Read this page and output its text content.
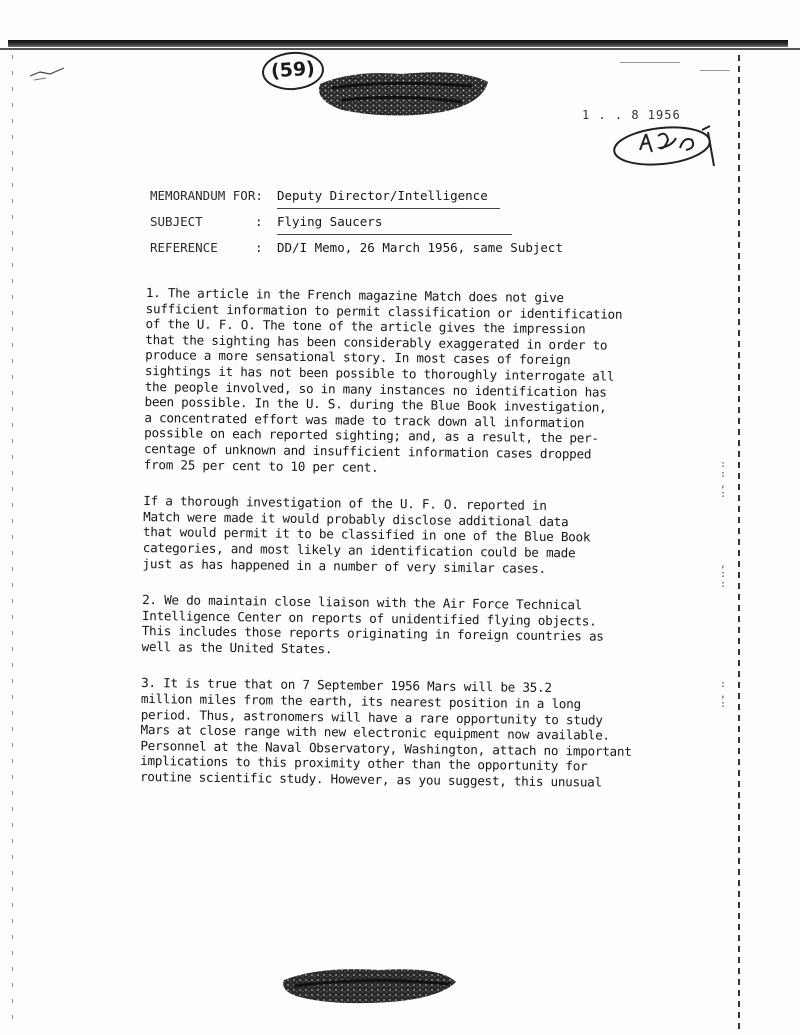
(59)
1 . . 8 1956
MEMORANDUM FOR: Deputy Director/Intelligence
SUBJECT	:	Flying Saucers
REFERENCE	:	DD/I Memo, 26 March 1956, same Subject
1. The article in the French magazine Match does not give
sufficient information to permit classification or identification
of the U. F. O. The tone of the article gives the impression
that the sighting has been considerably exaggerated in order to
produce a more sensational story. In most cases of foreign
sightings it has not been possible to thoroughly interrogate all
the people involved, so in many instances no identification has
been possible. In the U. S. during the Blue Book investigation,
a concentrated effort was made to track down all information
possible on each reported sighting; and, as a result, the per-
centage of unknown and insufficient information cases dropped
from 25 per cent to 10 per cent.
If a thorough investigation of the U. F. O. reported in
Match were made it would probably disclose additional data
that would permit it to be classified in one of the Blue Book
categories, and most likely an identification could be made
just as has happened in a number of very similar cases.
2. We do maintain close liaison with the Air Force Technical
Intelligence Center on reports of unidentified flying objects.
This includes those reports originating in foreign countries as
well as the United States.
3. It is true that on 7 September 1956 Mars will be 35.2
million miles from the earth, its nearest position in a long
period. Thus, astronomers will have a rare opportunity to study
Mars at close range with new electronic equipment now available.
Personnel at the Naval Observatory, Washington, attach no important
implications to this proximity other than the opportunity for
routine scientific study. However, as you suggest, this unusual
:
:
,
:
,
:
:
:
,
:
